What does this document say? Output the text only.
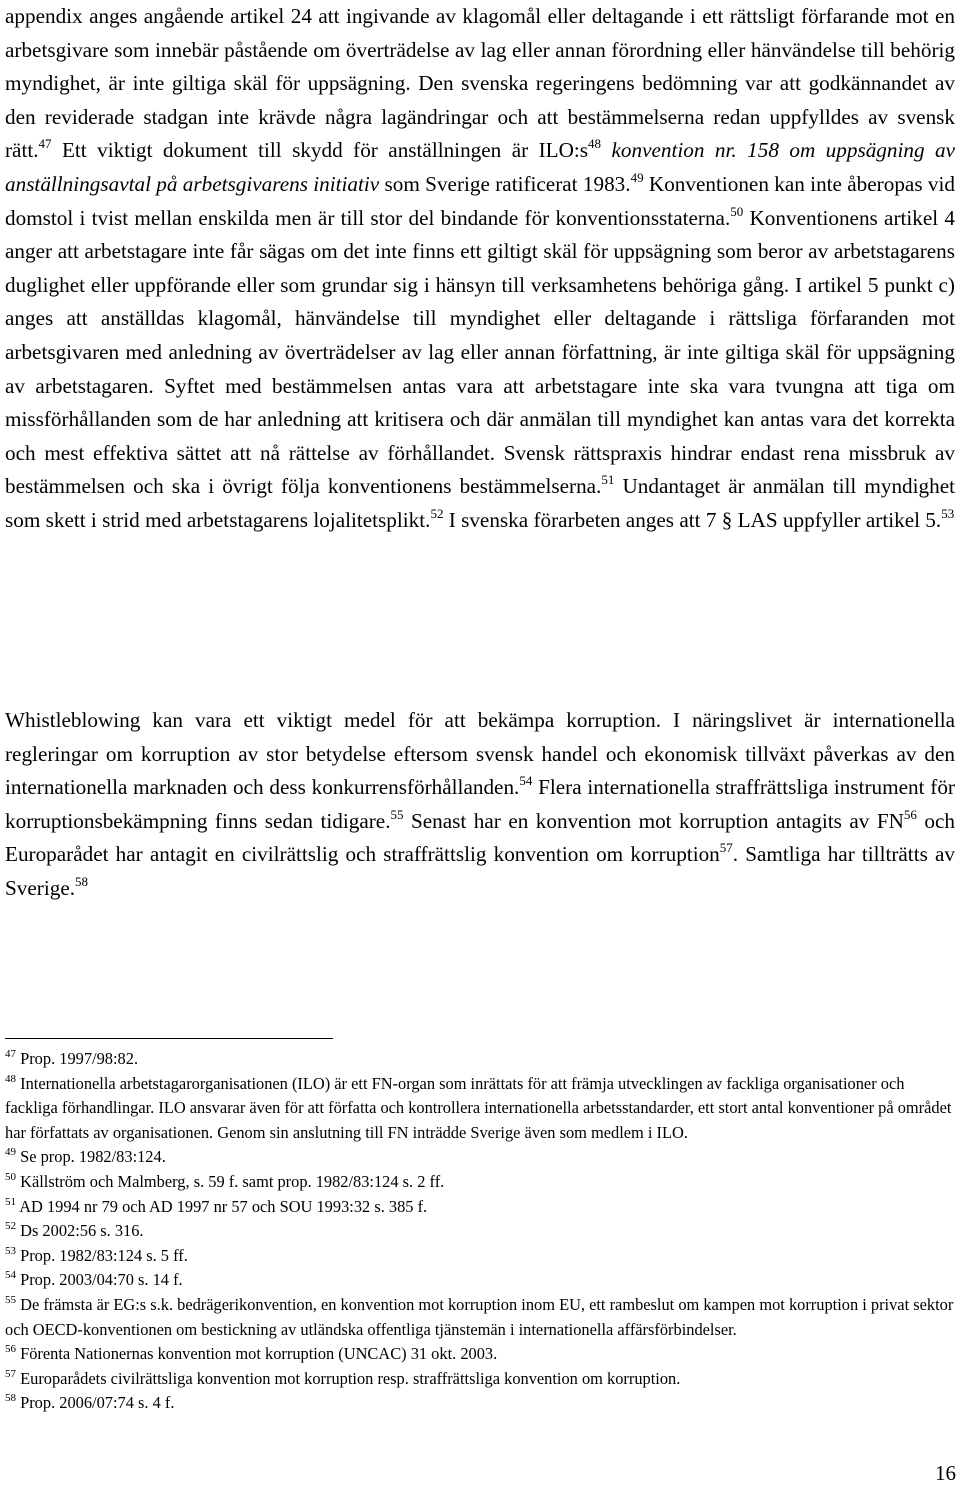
appendix anges angående artikel 24 att ingivande av klagomål eller deltagande i ett rättsligt förfarande mot en arbetsgivare som innebär påstående om överträdelse av lag eller annan förordning eller hänvändelse till behörig myndighet, är inte giltiga skäl för uppsägning. Den svenska regeringens bedömning var att godkännandet av den reviderade stadgan inte krävde några lagändringar och att bestämmelserna redan uppfylldes av svensk rätt.$^{47}$ Ett viktigt dokument till skydd för anställningen är $ILO:s^{48}$ konvention nr. 158 om uppsägning av anställningsavtal på arbetsgivarens initiativ som Sverige ratificerat 1983.49 Konventionen kan inte åberopas vid domstol i tvist mellan enskilda men är till stor del bindande för konventionsstaterna.$^{50}$ Konventionens artikel 4 anger att arbetstagare inte får sägas om det inte finns ett giltigt skäl för uppsägning som beror av arbetstagarens duglighet eller uppförande eller som grundar sig i hänsyn till verksamhetens behöriga gång. I artikel 5 punkt c) anges att anställdas klagomål, hänvändelse till myndighet eller deltagande i rättsliga förfaranden mot arbetsgivaren med anledning av överträdelser av lag eller annan författning, är inte giltiga skäl för uppsägning av arbetstagaren. Syftet med bestämmelsen antas vara att arbetstagare inte ska vara tvungna att tiga om missförhållanden som de har anledning att kritisera och där anmälan till myndighet kan antas vara det korrekta och mest effektiva sättet att nå rättelse av förhållandet. Svensk rättspraxis hindrar endast rena missbruk av bestämmelsen och ska i övrigt följa konventionens bestämmelserna.$^{51}$ Undantaget är anmälan till myndighet som skett i strid med arbetstagarens lojalitetsplikt.$^{52}$ I svenska förarbeten anges att 7 § LAS uppfyller artikel 5.53

Whistleblowing kan vara ett viktigt medel för att bekämpa korruption. I näringslivet är internationella regleringar om korruption av stor betydelse eftersom svensk handel och ekonomisk tillväxt påverkas av den internationella marknaden och dess konkurrensförhållanden.$^{54}$ Flera internationella straffrättsliga instrument för korruptionsbekämpning finns sedan tidigare.$^{55}$ Senast har en konvention mot korruption antagits av FN$^{56}$ och Europarådet har antagit en civilrättslig och straffrättslig konvention om korruption$^{57}$. Samtliga har tillträtts av Sverige.$^{58}$

$^{47}$ Prop. 1997/98:82.
$^{48}$ Internationella arbetstagarorganisationen (ILO) är ett FN-organ som inrättats för att främja utvecklingen av fackliga organisationer och fackliga förhandlingar. ILO ansvarar även för att författa och kontrollera internationella arbetsstandarder, ett stort antal konventioner på området har författats av organisationen. Genom sin anslutning till FN inträdde Sverige även som medlem i ILO.
$^{49}$ Se prop. 1982/83:124.
$^{50}$ Källström och Malmberg, s. 59 f. samt prop. 1982/83:124 s. 2 ff.
$^{51}$ AD 1994 nr 79 och AD 1997 nr 57 och SOU 1993:32 s. 385 f.
$^{52}$ Ds 2002:56 s. 316.
$^{53}$ Prop. 1982/83:124 s. 5 ff.
$^{54}$ Prop. 2003/04:70 s. 14 f.
$^{55}$ De främsta är EG:s s.k. bedrägerikonvention, en konvention mot korruption inom EU, ett rambeslut om kampen mot korruption i privat sektor och OECD-konventionen om bestickning av utländska offentliga tjänstemän i internationella affärsförbindelser.
$^{56}$ Förenta Nationernas konvention mot korruption (UNCAC) 31 okt. 2003.
$^{57}$ Europarådets civilrättsliga konvention mot korruption resp. straffrättsliga konvention om korruption.
$^{58}$ Prop. 2006/07:74 s. 4 f.
16
